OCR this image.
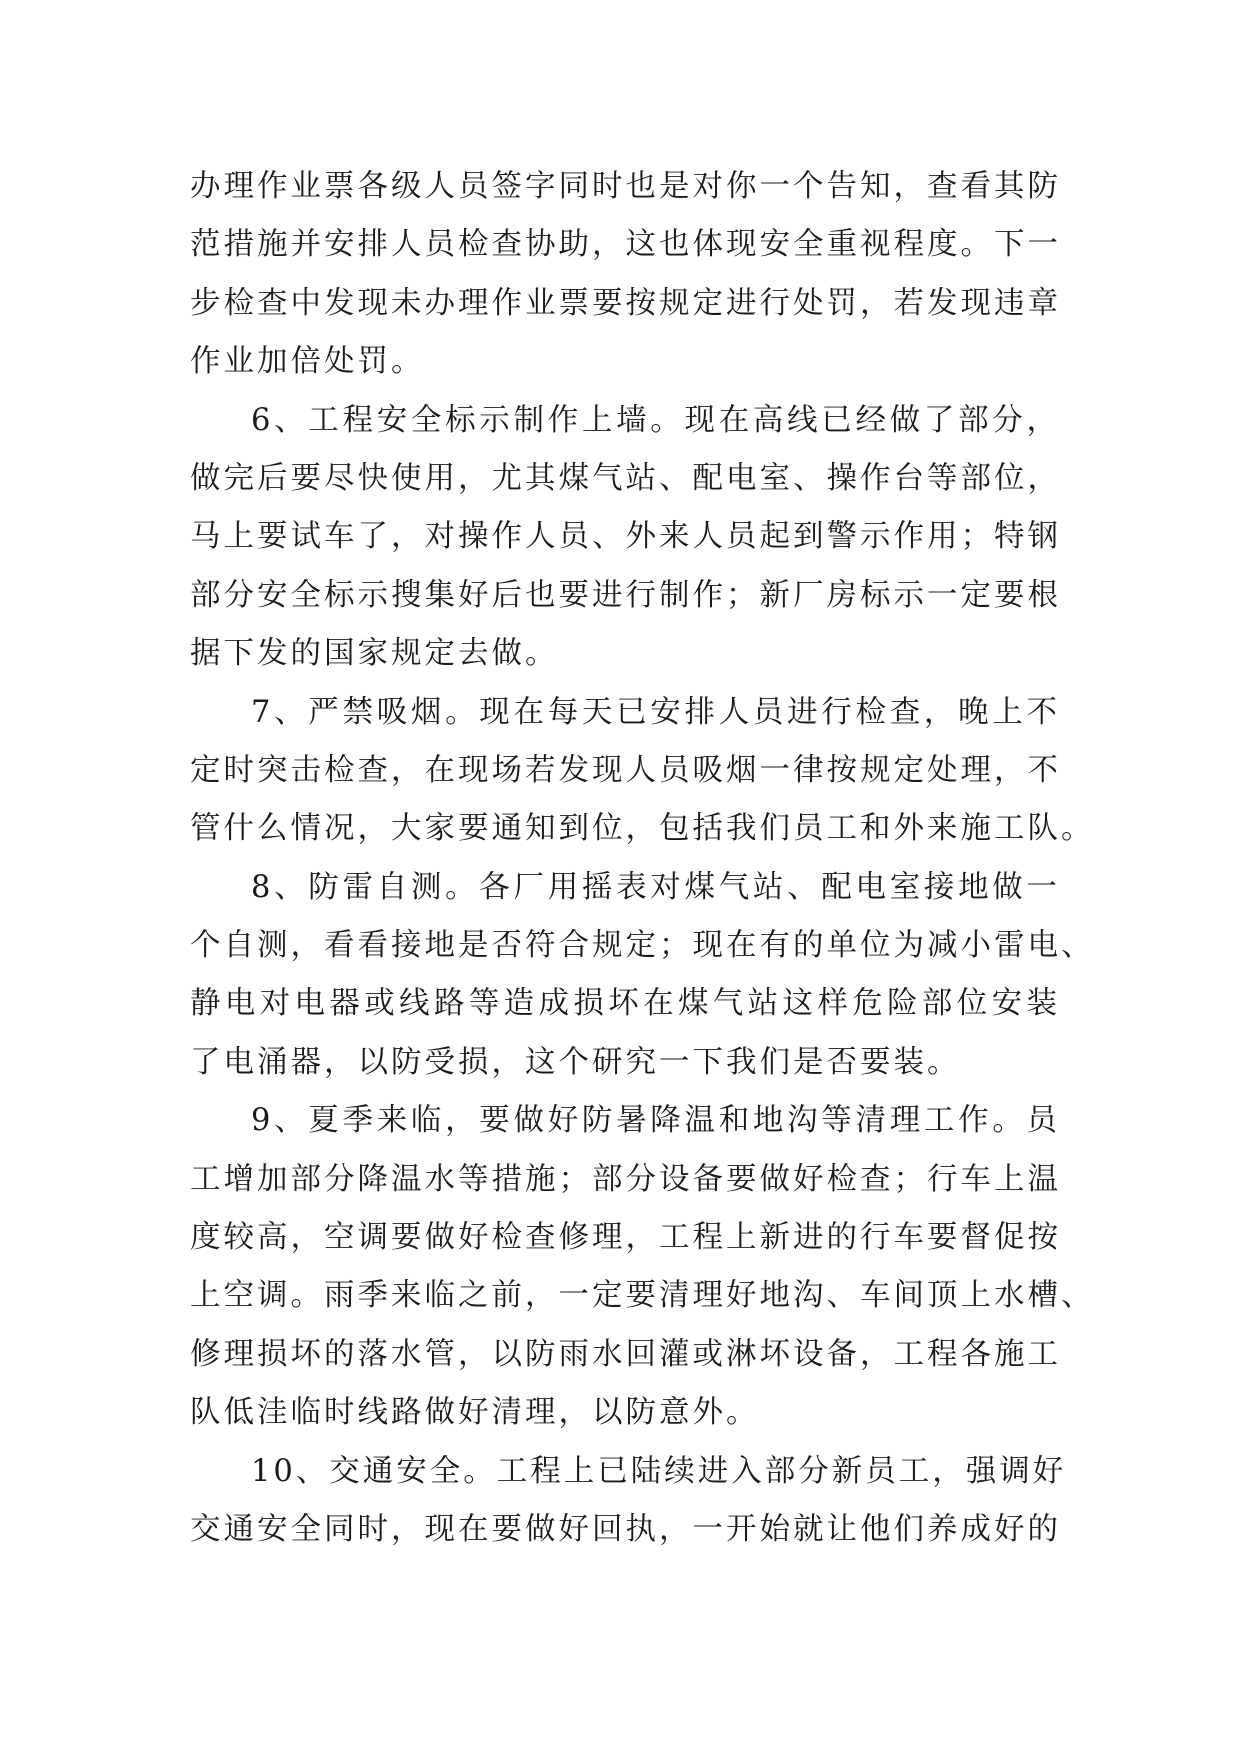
办理作业票各级人员签字同时也是对你一个告知，查看其防
范措施并安排人员检查协助，这也体现安全重视程度。下一
步检查中发现未办理作业票要按规定进行处罚，若发现违章
作业加倍处罚。
6、工程安全标示制作上墙。现在高线已经做了部分，
做完后要尽快使用，尤其煤气站、配电室、操作台等部位，
马上要试车了，对操作人员、外来人员起到警示作用；特钢
部分安全标示搜集好后也要进行制作；新厂房标示一定要根
据下发的国家规定去做。
7、严禁吸烟。现在每天已安排人员进行检查，晚上不
定时突击检查，在现场若发现人员吸烟一律按规定处理，不
管什么情况，大家要通知到位，包括我们员工和外来施工队。
8、防雷自测。各厂用摇表对煤气站、配电室接地做一
个自测，看看接地是否符合规定；现在有的单位为减小雷电、
静电对电器或线路等造成损坏在煤气站这样危险部位安装
了电涌器，以防受损，这个研究一下我们是否要装。
9、夏季来临，要做好防暑降温和地沟等清理工作。员
工增加部分降温水等措施；部分设备要做好检查；行车上温
度较高，空调要做好检查修理，工程上新进的行车要督促按
上空调。雨季来临之前，一定要清理好地沟、车间顶上水槽、
修理损坏的落水管，以防雨水回灌或淋坏设备，工程各施工
队低洼临时线路做好清理，以防意外。
10、交通安全。工程上已陆续进入部分新员工，强调好
交通安全同时，现在要做好回执，一开始就让他们养成好的
